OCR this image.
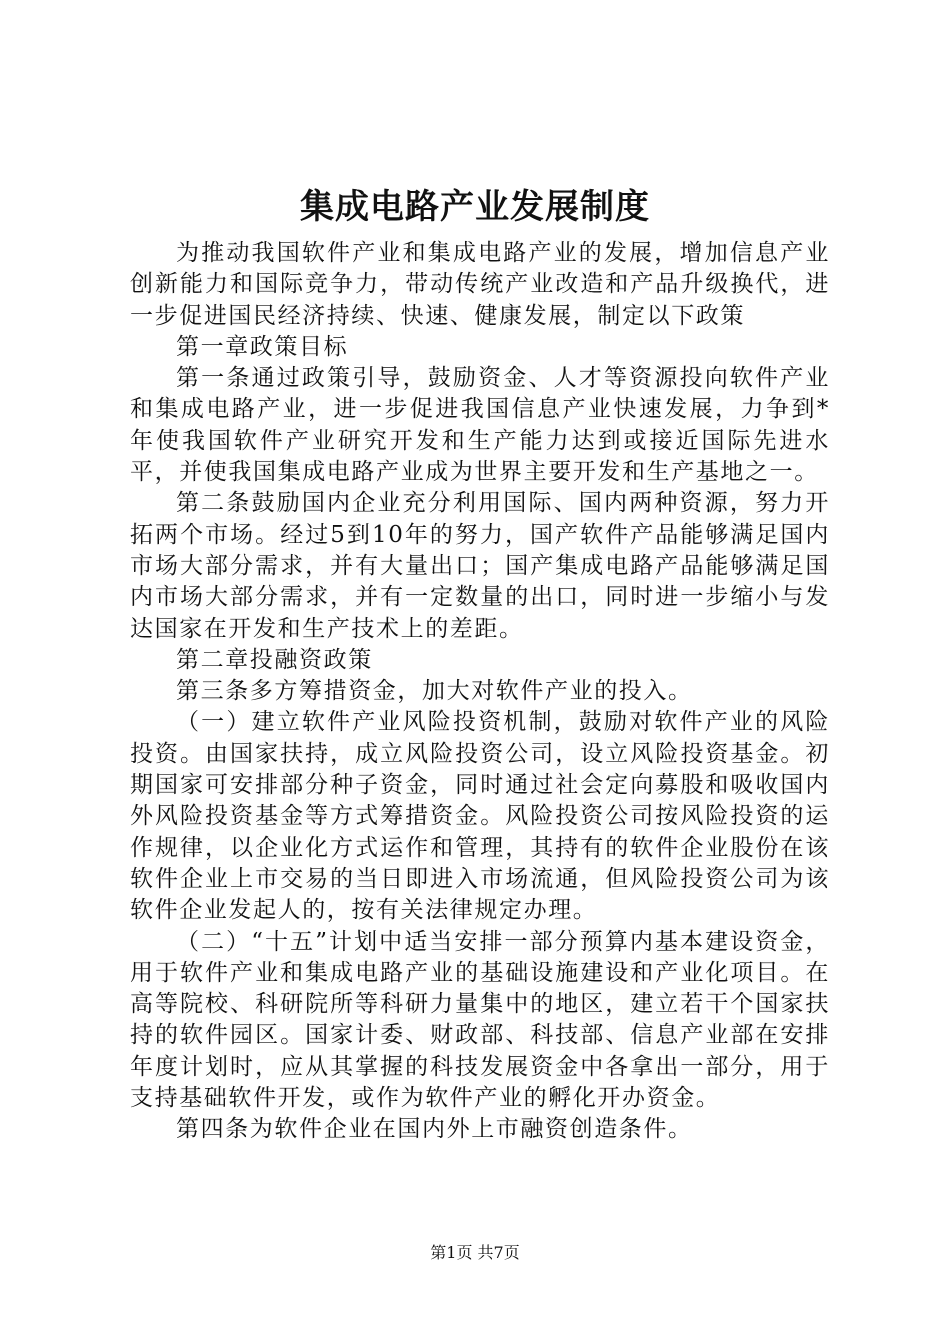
集成电路产业发展制度

为推动我国软件产业和集成电路产业的发展，增加信息产业创新能力和国际竞争力，带动传统产业改造和产品升级换代，进一步促进国民经济持续、快速、健康发展，制定以下政策

第一章政策目标

第一条通过政策引导，鼓励资金、人才等资源投向软件产业和集成电路产业，进一步促进我国信息产业快速发展，力争到*年使我国软件产业研究开发和生产能力达到或接近国际先进水平，并使我国集成电路产业成为世界主要开发和生产基地之一。

第二条鼓励国内企业充分利用国际、国内两种资源，努力开拓两个市场。经过5到10年的努力，国产软件产品能够满足国内市场大部分需求，并有大量出口；国产集成电路产品能够满足国内市场大部分需求，并有一定数量的出口，同时进一步缩小与发达国家在开发和生产技术上的差距。

第二章投融资政策

第三条多方筹措资金，加大对软件产业的投入。

（一）建立软件产业风险投资机制，鼓励对软件产业的风险投资。由国家扶持，成立风险投资公司，设立风险投资基金。初期国家可安排部分种子资金，同时通过社会定向募股和吸收国内外风险投资基金等方式筹措资金。风险投资公司按风险投资的运作规律，以企业化方式运作和管理，其持有的软件企业股份在该软件企业上市交易的当日即进入市场流通，但风险投资公司为该软件企业发起人的，按有关法律规定办理。

（二）“十五”计划中适当安排一部分预算内基本建设资金，用于软件产业和集成电路产业的基础设施建设和产业化项目。在高等院校、科研院所等科研力量集中的地区，建立若干个国家扶持的软件园区。国家计委、财政部、科技部、信息产业部在安排年度计划时，应从其掌握的科技发展资金中各拿出一部分，用于支持基础软件开发，或作为软件产业的孵化开办资金。

第四条为软件企业在国内外上市融资创造条件。

第1页 共7页
